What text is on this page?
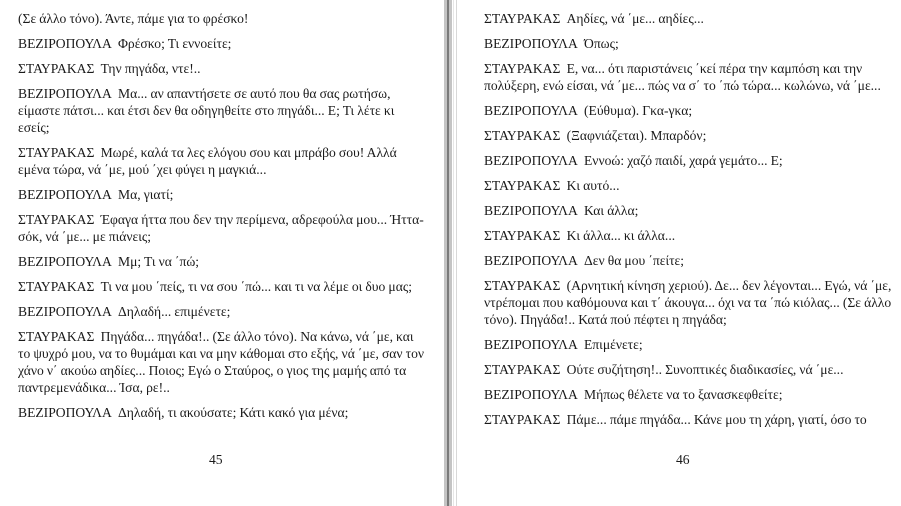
(Σε άλλο τόνο). Άντε, πάμε για το φρέσκο!

ΒΕΖΙΡΟΠΟΥΛΑ Φρέσκο; Τι εννοείτε;

ΣΤΑΥΡΑΚΑΣ Την πηγάδα, ντε!..

ΒΕΖΙΡΟΠΟΥΛΑ Μα... αν απαντήσετε σε αυτό που θα σας ρωτήσω, είμαστε πάτσι... και έτσι δεν θα οδηγηθείτε στο πηγάδι... Ε; Τι λέτε κι εσείς;

ΣΤΑΥΡΑΚΑΣ Μωρέ, καλά τα λες ελόγου σου και μπράβο σου! Αλλά εμένα τώρα, νά ΄με, μού ΄χει φύγει η μαγκιά...

ΒΕΖΙΡΟΠΟΥΛΑ Μα, γιατί;

ΣΤΑΥΡΑΚΑΣ Έφαγα ήττα που δεν την περίμενα, αδρεφούλα μου... Ήττα-σόκ, νά ΄με... με πιάνεις;

ΒΕΖΙΡΟΠΟΥΛΑ Μμ; Τι να ΄πώ;

ΣΤΑΥΡΑΚΑΣ Τι να μου ΄πείς, τι να σου ΄πώ... και τι να λέμε οι δυο μας;

ΒΕΖΙΡΟΠΟΥΛΑ Δηλαδή... επιμένετε;

ΣΤΑΥΡΑΚΑΣ Πηγάδα... πηγάδα!.. (Σε άλλο τόνο). Να κάνω, νά ΄με, και το ψυχρό μου, να το θυμάμαι και να μην κάθομαι στο εξής, νά ΄με, σαν τον χάνο ν΄ ακούω αηδίες... Ποιος; Εγώ ο Σταύρος, ο γιος της μαμής από τα παντρεμενάδικα... Ίσα, ρε!..

ΒΕΖΙΡΟΠΟΥΛΑ Δηλαδή, τι ακούσατε; Κάτι κακό για μένα;

45

ΣΤΑΥΡΑΚΑΣ Αηδίες, νά ΄με... αηδίες...

ΒΕΖΙΡΟΠΟΥΛΑ Όπως;

ΣΤΑΥΡΑΚΑΣ Ε, να... ότι παριστάνεις ΄κεί πέρα την καμπόση και την πολύξερη, ενώ είσαι, νά ΄με... πώς να σ΄ το ΄πώ τώρα... κωλώνω, νά ΄με...

ΒΕΖΙΡΟΠΟΥΛΑ (Εύθυμα). Γκα-γκα;

ΣΤΑΥΡΑΚΑΣ (Ξαφνιάζεται). Μπαρδόν;

ΒΕΖΙΡΟΠΟΥΛΑ Εννοώ: χαζό παιδί, χαρά γεμάτο... Ε;

ΣΤΑΥΡΑΚΑΣ Κι αυτό...

ΒΕΖΙΡΟΠΟΥΛΑ Και άλλα;

ΣΤΑΥΡΑΚΑΣ Κι άλλα... κι άλλα...

ΒΕΖΙΡΟΠΟΥΛΑ Δεν θα μου ΄πείτε;

ΣΤΑΥΡΑΚΑΣ (Αρνητική κίνηση χεριού). Δε... δεν λέγονται... Εγώ, νά ΄με, ντρέπομαι που καθόμουνα και τ΄ άκουγα... όχι να τα ΄πώ κιόλας... (Σε άλλο τόνο). Πηγάδα!.. Κατά πού πέφτει η πηγάδα;

ΒΕΖΙΡΟΠΟΥΛΑ Επιμένετε;

ΣΤΑΥΡΑΚΑΣ Ούτε συζήτηση!.. Συνοπτικές διαδικασίες, νά ΄με...

ΒΕΖΙΡΟΠΟΥΛΑ Μήπως θέλετε να το ξανασκεφθείτε;

ΣΤΑΥΡΑΚΑΣ Πάμε... πάμε πηγάδα... Κάνε μου τη χάρη, γιατί, όσο το

46
